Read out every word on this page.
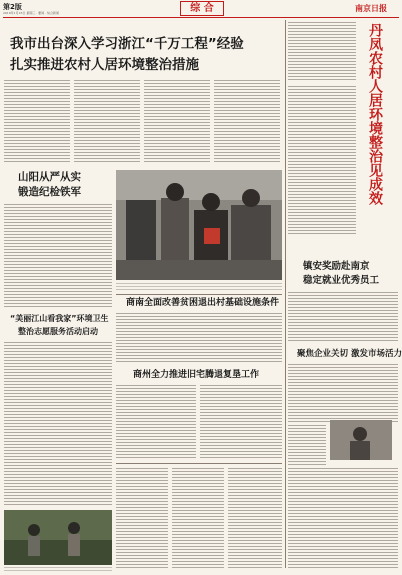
第2版
2019年1月16日 星期三 · 要闻 · 综合新闻	综 合	南京日报
我市出台深入学习浙江“千万工程”经验
扎实推进农村人居环境整治措施	丹凤农村人居环境整治见成效
山阳从严从实
锻造纪检铁军
镇安奖励赴南京
稳定就业优秀员工
商南全面改善贫困退出村基础设施条件
“美丽江山看我家”环境卫生
整治志愿服务活动启动
聚焦企业关切 激发市场活力
商州全力推进旧宅腾退复垦工作
